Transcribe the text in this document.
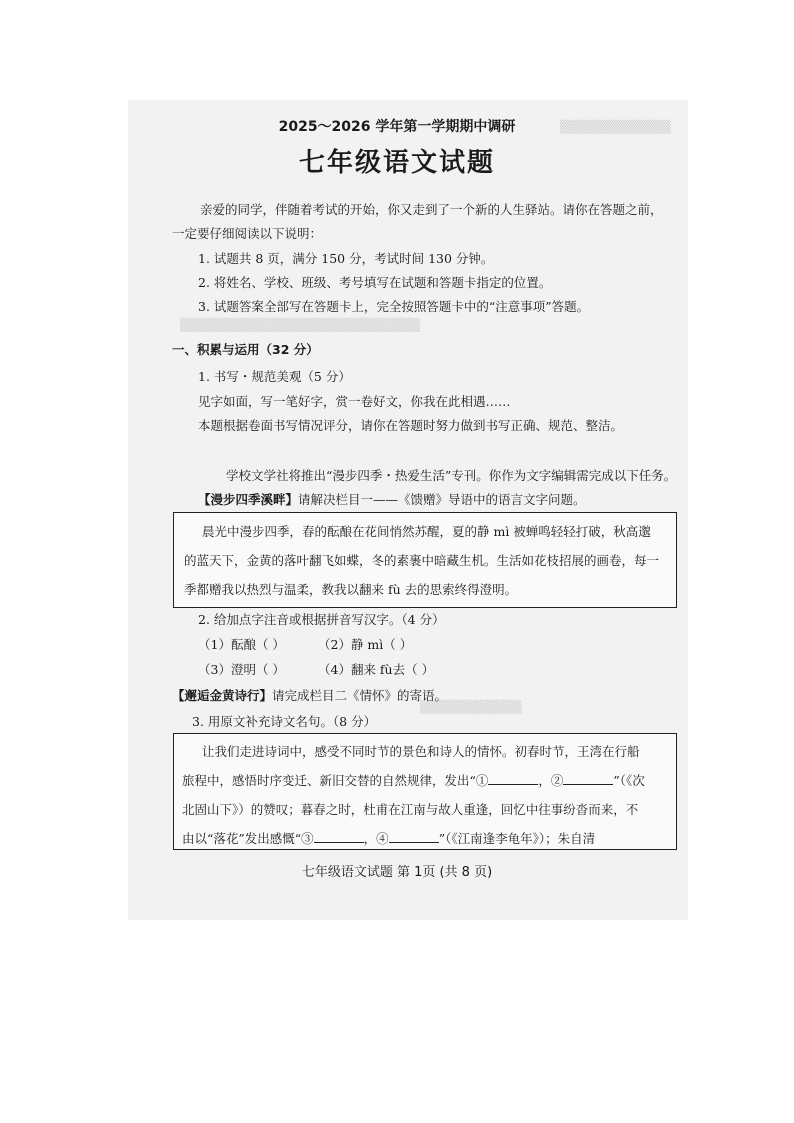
▒▒▒▒▒▒▒▒▒▒▒▒
▒▒▒▒▒▒▒▒▒▒▒▒▒▒▒▒▒▒▒▒▒▒▒▒▒▒
▒▒▒▒▒▒▒▒▒▒▒
2025～2026 学年第一学期期中调研
七年级语文试题
亲爱的同学，伴随着考试的开始，你又走到了一个新的人生驿站。请你在答题之前，
一定要仔细阅读以下说明：
1. 试题共 8 页，满分 150 分，考试时间 130 分钟。
2. 将姓名、学校、班级、考号填写在试题和答题卡指定的位置。
3. 试题答案全部写在答题卡上，完全按照答题卡中的“注意事项”答题。
一、积累与运用（32 分）
1. 书写・规范美观（5 分）
见字如面，写一笔好字，赏一卷好文，你我在此相遇……
本题根据卷面书写情况评分，请你在答题时努力做到书写正确、规范、整洁。
学校文学社将推出“漫步四季・热爱生活”专刊。你作为文字编辑需完成以下任务。
【漫步四季溪畔】请解决栏目一——《馈赠》导语中的语言文字问题。

晨光中漫步四季，春的酝酿在花间悄然苏醒，夏的静 mì 被蝉鸣轻轻打破，秋高邈

的蓝天下，金黄的落叶翻飞如蝶，冬的素裹中暗藏生机。生活如花枝招展的画卷，每一

季都赠我以热烈与温柔，教我以翻来 fù 去的思索终得澄明。

2. 给加点字注音或根据拼音写汉字。（4 分）
（1）酝酿（ ）	（2）静 mì（ ）
（3）澄明（ ）	（4）翻来 fù去（ ）
【邂逅金黄诗行】请完成栏目二《情怀》的寄语。
3. 用原文补充诗文名句。（8 分）

让我们走进诗词中，感受不同时节的景色和诗人的情怀。初春时节，王湾在行船

旅程中，感悟时序变迁、新旧交替的自然规律，发出“①	，②	”（《次

北固山下》）的赞叹；暮春之时，杜甫在江南与故人重逢，回忆中往事纷沓而来，不

由以“落花”发出感慨“③	，④	”（《江南逢李龟年》）；朱自清

七年级语文试题 第 1页 (共 8 页)
